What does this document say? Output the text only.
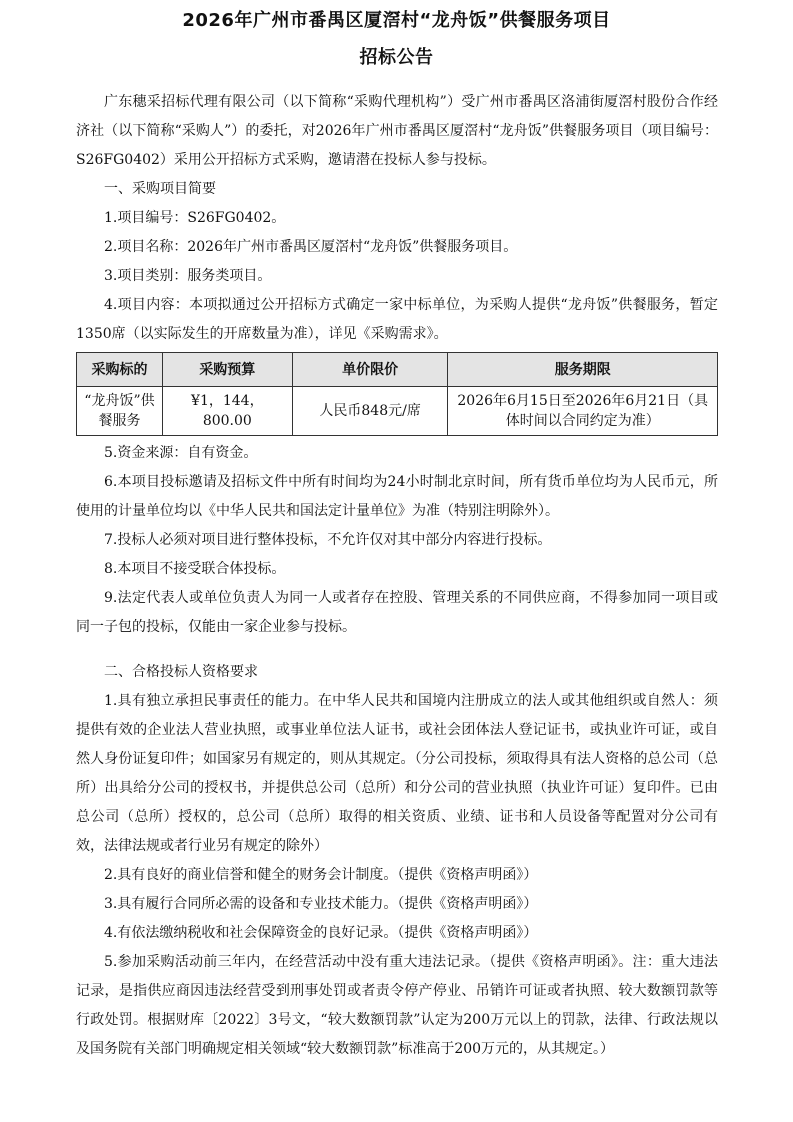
2026年广州市番禺区厦滘村“龙舟饭”供餐服务项目
招标公告

广东穗采招标代理有限公司（以下简称“采购代理机构”）受广州市番禺区洛浦街厦滘村股份合作经济社（以下简称“采购人”）的委托，对2026年广州市番禺区厦滘村“龙舟饭”供餐服务项目（项目编号：S26FG0402）采用公开招标方式采购，邀请潜在投标人参与投标。

一、采购项目简要

1.项目编号：S26FG0402。

2.项目名称：2026年广州市番禺区厦滘村“龙舟饭”供餐服务项目。

3.项目类别：服务类项目。

4.项目内容：本项拟通过公开招标方式确定一家中标单位，为采购人提供“龙舟饭”供餐服务，暂定1350席（以实际发生的开席数量为准），详见《采购需求》。

采购标的	采购预算	单价限价	服务期限
“龙舟饭”供餐服务	¥1，144，800.00	人民币848元/席	2026年6月15日至2026年6月21日（具体时间以合同约定为准）

5.资金来源：自有资金。

6.本项目投标邀请及招标文件中所有时间均为24小时制北京时间，所有货币单位均为人民币元，所使用的计量单位均以《中华人民共和国法定计量单位》为准（特别注明除外）。

7.投标人必须对项目进行整体投标，不允许仅对其中部分内容进行投标。

8.本项目不接受联合体投标。

9.法定代表人或单位负责人为同一人或者存在控股、管理关系的不同供应商，不得参加同一项目或同一子包的投标，仅能由一家企业参与投标。

二、合格投标人资格要求

1.具有独立承担民事责任的能力。在中华人民共和国境内注册成立的法人或其他组织或自然人：须提供有效的企业法人营业执照，或事业单位法人证书，或社会团体法人登记证书，或执业许可证，或自然人身份证复印件；如国家另有规定的，则从其规定。（分公司投标，须取得具有法人资格的总公司（总所）出具给分公司的授权书，并提供总公司（总所）和分公司的营业执照（执业许可证）复印件。已由总公司（总所）授权的，总公司（总所）取得的相关资质、业绩、证书和人员设备等配置对分公司有效，法律法规或者行业另有规定的除外）

2.具有良好的商业信誉和健全的财务会计制度。（提供《资格声明函》）

3.具有履行合同所必需的设备和专业技术能力。（提供《资格声明函》）

4.有依法缴纳税收和社会保障资金的良好记录。（提供《资格声明函》）

5.参加采购活动前三年内，在经营活动中没有重大违法记录。（提供《资格声明函》。注：重大违法记录，是指供应商因违法经营受到刑事处罚或者责令停产停业、吊销许可证或者执照、较大数额罚款等行政处罚。根据财库〔2022〕3号文，“较大数额罚款”认定为200万元以上的罚款，法律、行政法规以及国务院有关部门明确规定相关领域“较大数额罚款”标准高于200万元的，从其规定。）
